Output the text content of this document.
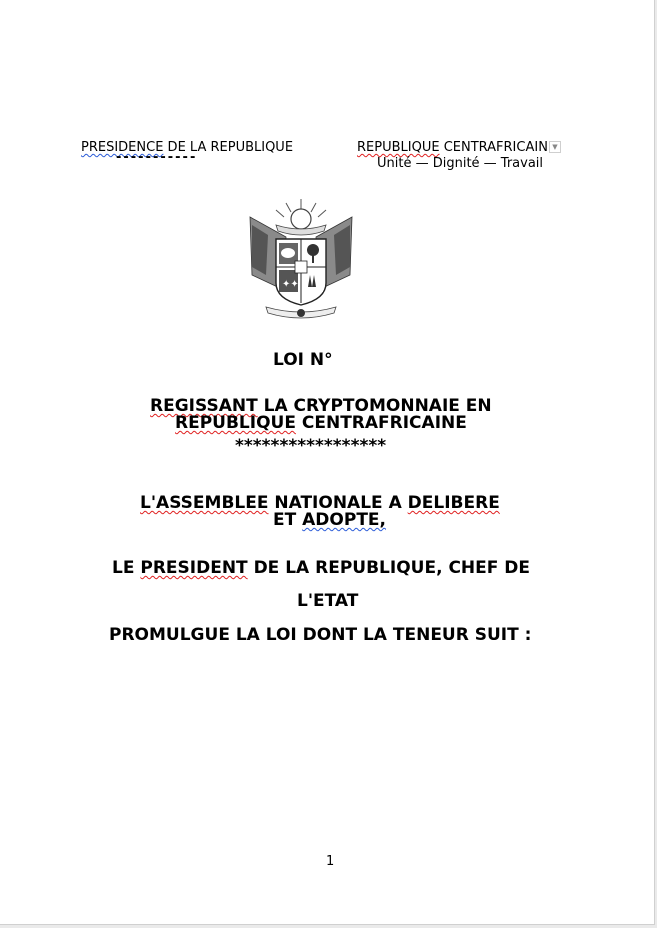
PRESIDENCE DE LA REPUBLIQUE
-----------
REPUBLIQUE CENTRAFRICAIN ▼
Unité — Dignité — Travail
✦✦
LOI N°
REGISSANT LA CRYPTOMONNAIE EN
REPUBLIQUE CENTRAFRICAINE
*****************
L'ASSEMBLEE NATIONALE A DELIBERE
ET ADOPTE,
LE PRESIDENT DE LA REPUBLIQUE, CHEF DE
L'ETAT
PROMULGUE LA LOI DONT LA TENEUR SUIT :
1
